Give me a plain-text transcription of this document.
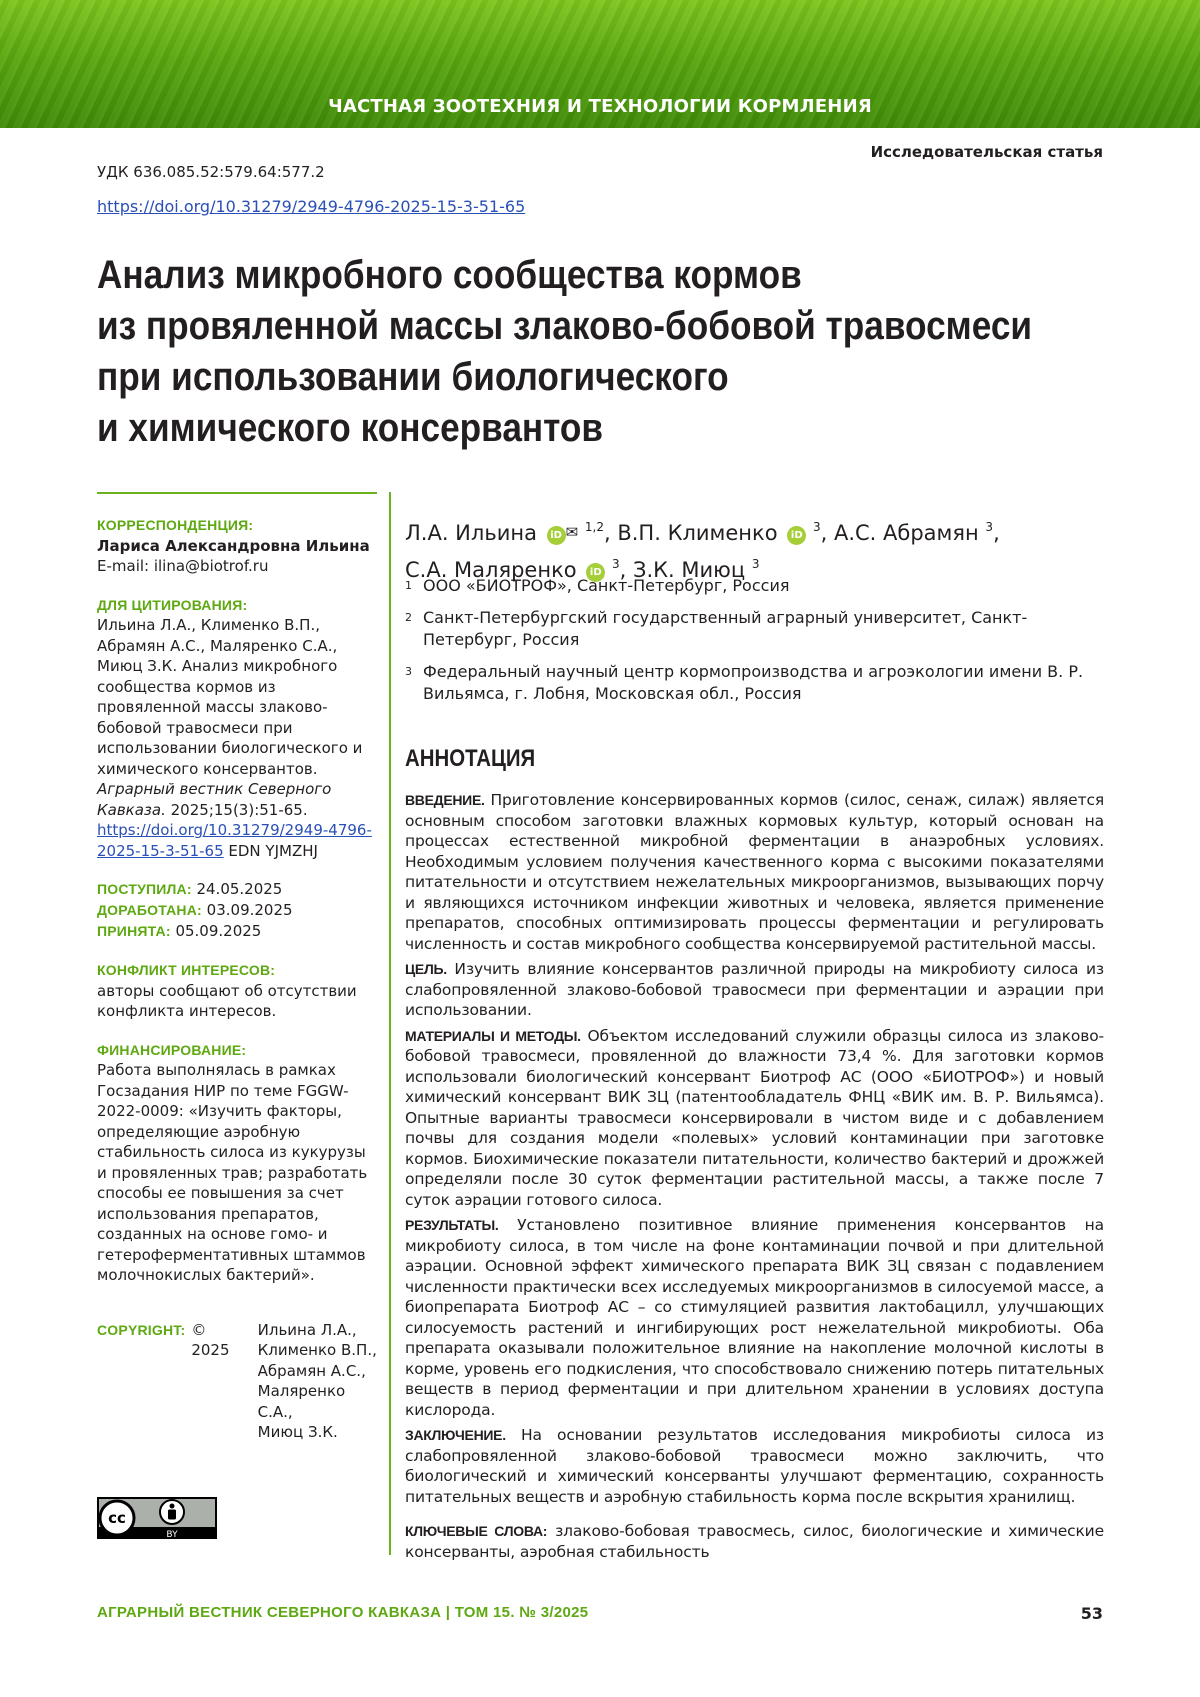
ЧАСТНАЯ ЗООТЕХНИЯ И ТЕХНОЛОГИИ КОРМЛЕНИЯ
Исследовательская статья
УДК 636.085.52:579.64:577.2
https://doi.org/10.31279/2949-4796-2025-15-3-51-65
Анализ микробного сообщества кормов
из провяленной массы злаково-бобовой травосмеси
при использовании биологического
и химического консервантов
КОРРЕСПОНДЕНЦИЯ:
Лариса Александровна Ильина
E-mail: ilina@biotrof.ru
ДЛЯ ЦИТИРОВАНИЯ:
Ильина Л.А., Клименко В.П., Абрамян А.С., Маляренко С.А., Миюц З.К. Анализ микробного сообщества кормов из провяленной массы злаково-бобовой травосмеси при использовании биологического и химического консервантов. Аграрный вестник Северного Кавказа. 2025;15(3):51-65. https://doi.org/10.31279/2949-4796-2025-15-3-51-65 EDN YJMZHJ
ПОСТУПИЛА: 24.05.2025
ДОРАБОТАНА: 03.09.2025
ПРИНЯТА: 05.09.2025
КОНФЛИКТ ИНТЕРЕСОВ:
авторы сообщают об отсутствии конфликта интересов.
ФИНАНСИРОВАНИЕ:
Работа выполнялась в рамках Госзадания НИР по теме FGGW-2022-0009: «Изучить факторы, определяющие аэробную стабильность силоса из кукурузы и провяленных трав; разработать способы ее повышения за счет использования препаратов, созданных на основе гомо- и гетероферментативных штаммов молочнокислых бактерий».
COPYRIGHT: © 2025
Ильина Л.А.,
Клименко В.П.,
Абрамян А.С.,
Маляренко С.А.,
Миюц З.К.
cc
BY
Л.А. Ильина iD ✉ $^{1,2}$, В.П. Клименко iD $^3$, А.С. Абрамян $^3$,
С.А. Маляренко iD $^3$, З.К. Миюц $^3$
1 ООО «БИОТРОФ», Санкт-Петербург, Россия
2 Санкт-Петербургский государственный аграрный университет, Санкт-Петербург, Россия
3 Федеральный научный центр кормопроизводства и агроэкологии имени В. Р. Вильямса, г. Лобня, Московская обл., Россия
АННОТАЦИЯ

ВВЕДЕНИЕ. Приготовление консервированных кормов (силос, сенаж, силаж) является основным способом заготовки влажных кормовых культур, который основан на процессах естественной микробной ферментации в анаэробных условиях. Необходимым условием получения качественного корма с высокими показателями питательности и отсутствием нежелательных микроорганизмов, вызывающих порчу и являющихся источником инфекции животных и человека, является применение препаратов, способных оптимизировать процессы ферментации и регулировать численность и состав микробного сообщества консервируемой растительной массы.

ЦЕЛЬ. Изучить влияние консервантов различной природы на микробиоту силоса из слабопровяленной злаково-бобовой травосмеси при ферментации и аэрации при использовании.

МАТЕРИАЛЫ И МЕТОДЫ. Объектом исследований служили образцы силоса из злаково-бобовой травосмеси, провяленной до влажности 73,4 %. Для заготовки кормов использовали биологический консервант Биотроф АС (ООО «БИОТРОФ») и новый химический консервант ВИК ЗЦ (патентообладатель ФНЦ «ВИК им. В. Р. Вильямса). Опытные варианты травосмеси консервировали в чистом виде и с добавлением почвы для создания модели «полевых» условий контаминации при заготовке кормов. Биохимические показатели питательности, количество бактерий и дрожжей определяли после 30 суток ферментации растительной массы, а также после 7 суток аэрации готового силоса.

РЕЗУЛЬТАТЫ. Установлено позитивное влияние применения консервантов на микробиоту силоса, в том числе на фоне контаминации почвой и при длительной аэрации. Основной эффект химического препарата ВИК ЗЦ связан с подавлением численности практически всех исследуемых микроорганизмов в силосуемой массе, а биопрепарата Биотроф АС – со стимуляцией развития лактобацилл, улучшающих силосуемость растений и ингибирующих рост нежелательной микробиоты. Оба препарата оказывали положительное влияние на накопление молочной кислоты в корме, уровень его подкисления, что способствовало снижению потерь питательных веществ в период ферментации и при длительном хранении в условиях доступа кислорода.

ЗАКЛЮЧЕНИЕ. На основании результатов исследования микробиоты силоса из слабопровяленной злаково-бобовой травосмеси можно заключить, что биологический и химический консерванты улучшают ферментацию, сохранность питательных веществ и аэробную стабильность корма после вскрытия хранилищ.

КЛЮЧЕВЫЕ СЛОВА: злаково-бобовая травосмесь, силос, биологические и химические консерванты, аэробная стабильность

АГРАРНЫЙ ВЕСТНИК СЕВЕРНОГО КАВКАЗА | ТОМ 15. № 3/2025	53
